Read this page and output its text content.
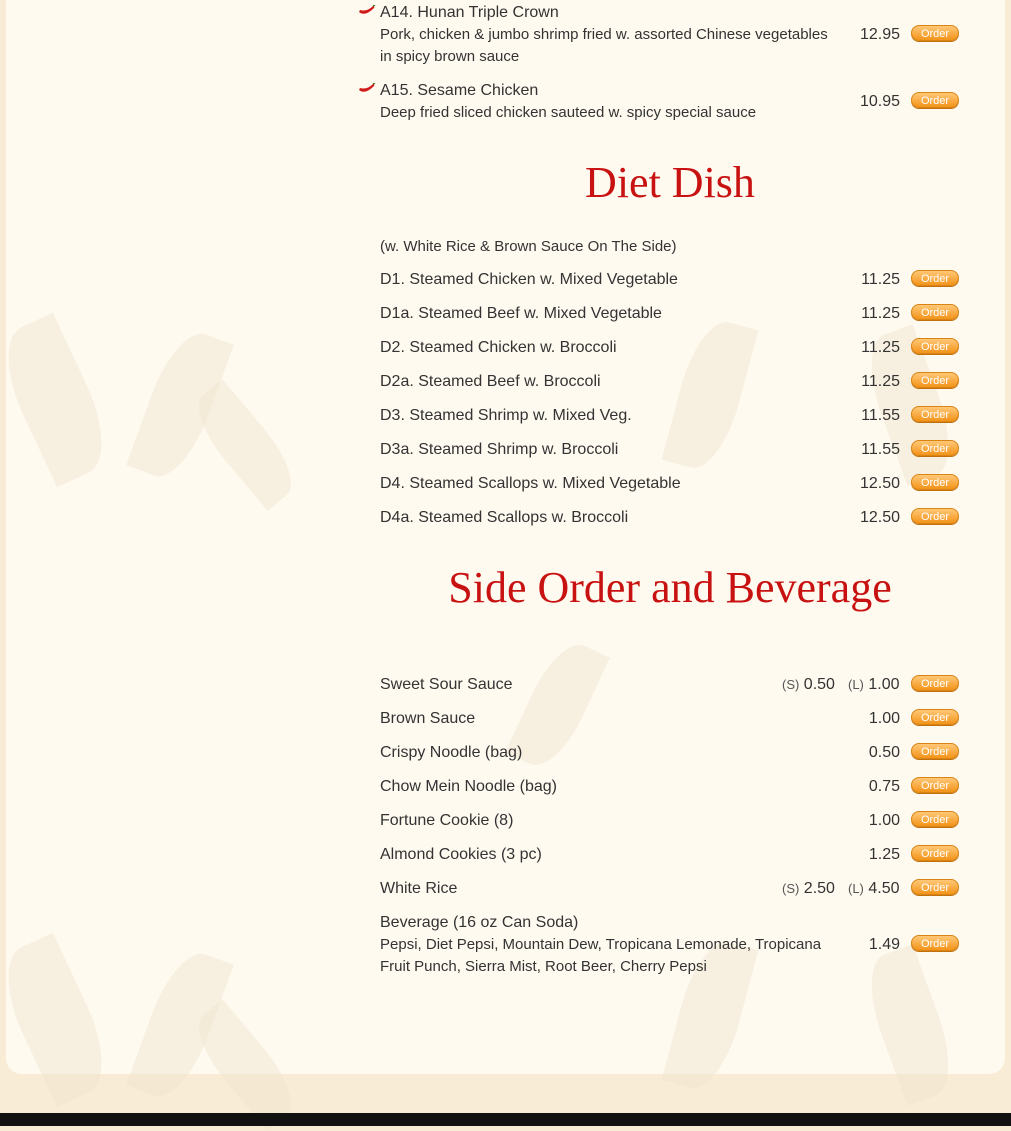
A14. Hunan Triple Crown
Pork, chicken & jumbo shrimp fried w. assorted Chinese vegetables in spicy brown sauce
12.95	Order
A15. Sesame Chicken
Deep fried sliced chicken sauteed w. spicy special sauce
10.95	Order
Diet Dish
(w. White Rice & Brown Sauce On The Side)
D1. Steamed Chicken w. Mixed Vegetable	11.25	Order
D1a. Steamed Beef w. Mixed Vegetable	11.25	Order
D2. Steamed Chicken w. Broccoli	11.25	Order
D2a. Steamed Beef w. Broccoli	11.25	Order
D3. Steamed Shrimp w. Mixed Veg.	11.55	Order
D3a. Steamed Shrimp w. Broccoli	11.55	Order
D4. Steamed Scallops w. Mixed Vegetable	12.50	Order
D4a. Steamed Scallops w. Broccoli	12.50	Order
Side Order and Beverage
Sweet Sour Sauce	(S) 0.50 (L) 1.00	Order
Brown Sauce	1.00	Order
Crispy Noodle (bag)	0.50	Order
Chow Mein Noodle (bag)	0.75	Order
Fortune Cookie (8)	1.00	Order
Almond Cookies (3 pc)	1.25	Order
White Rice	(S) 2.50 (L) 4.50	Order
Beverage (16 oz Can Soda)
Pepsi, Diet Pepsi, Mountain Dew, Tropicana Lemonade, Tropicana Fruit Punch, Sierra Mist, Root Beer, Cherry Pepsi
1.49	Order
